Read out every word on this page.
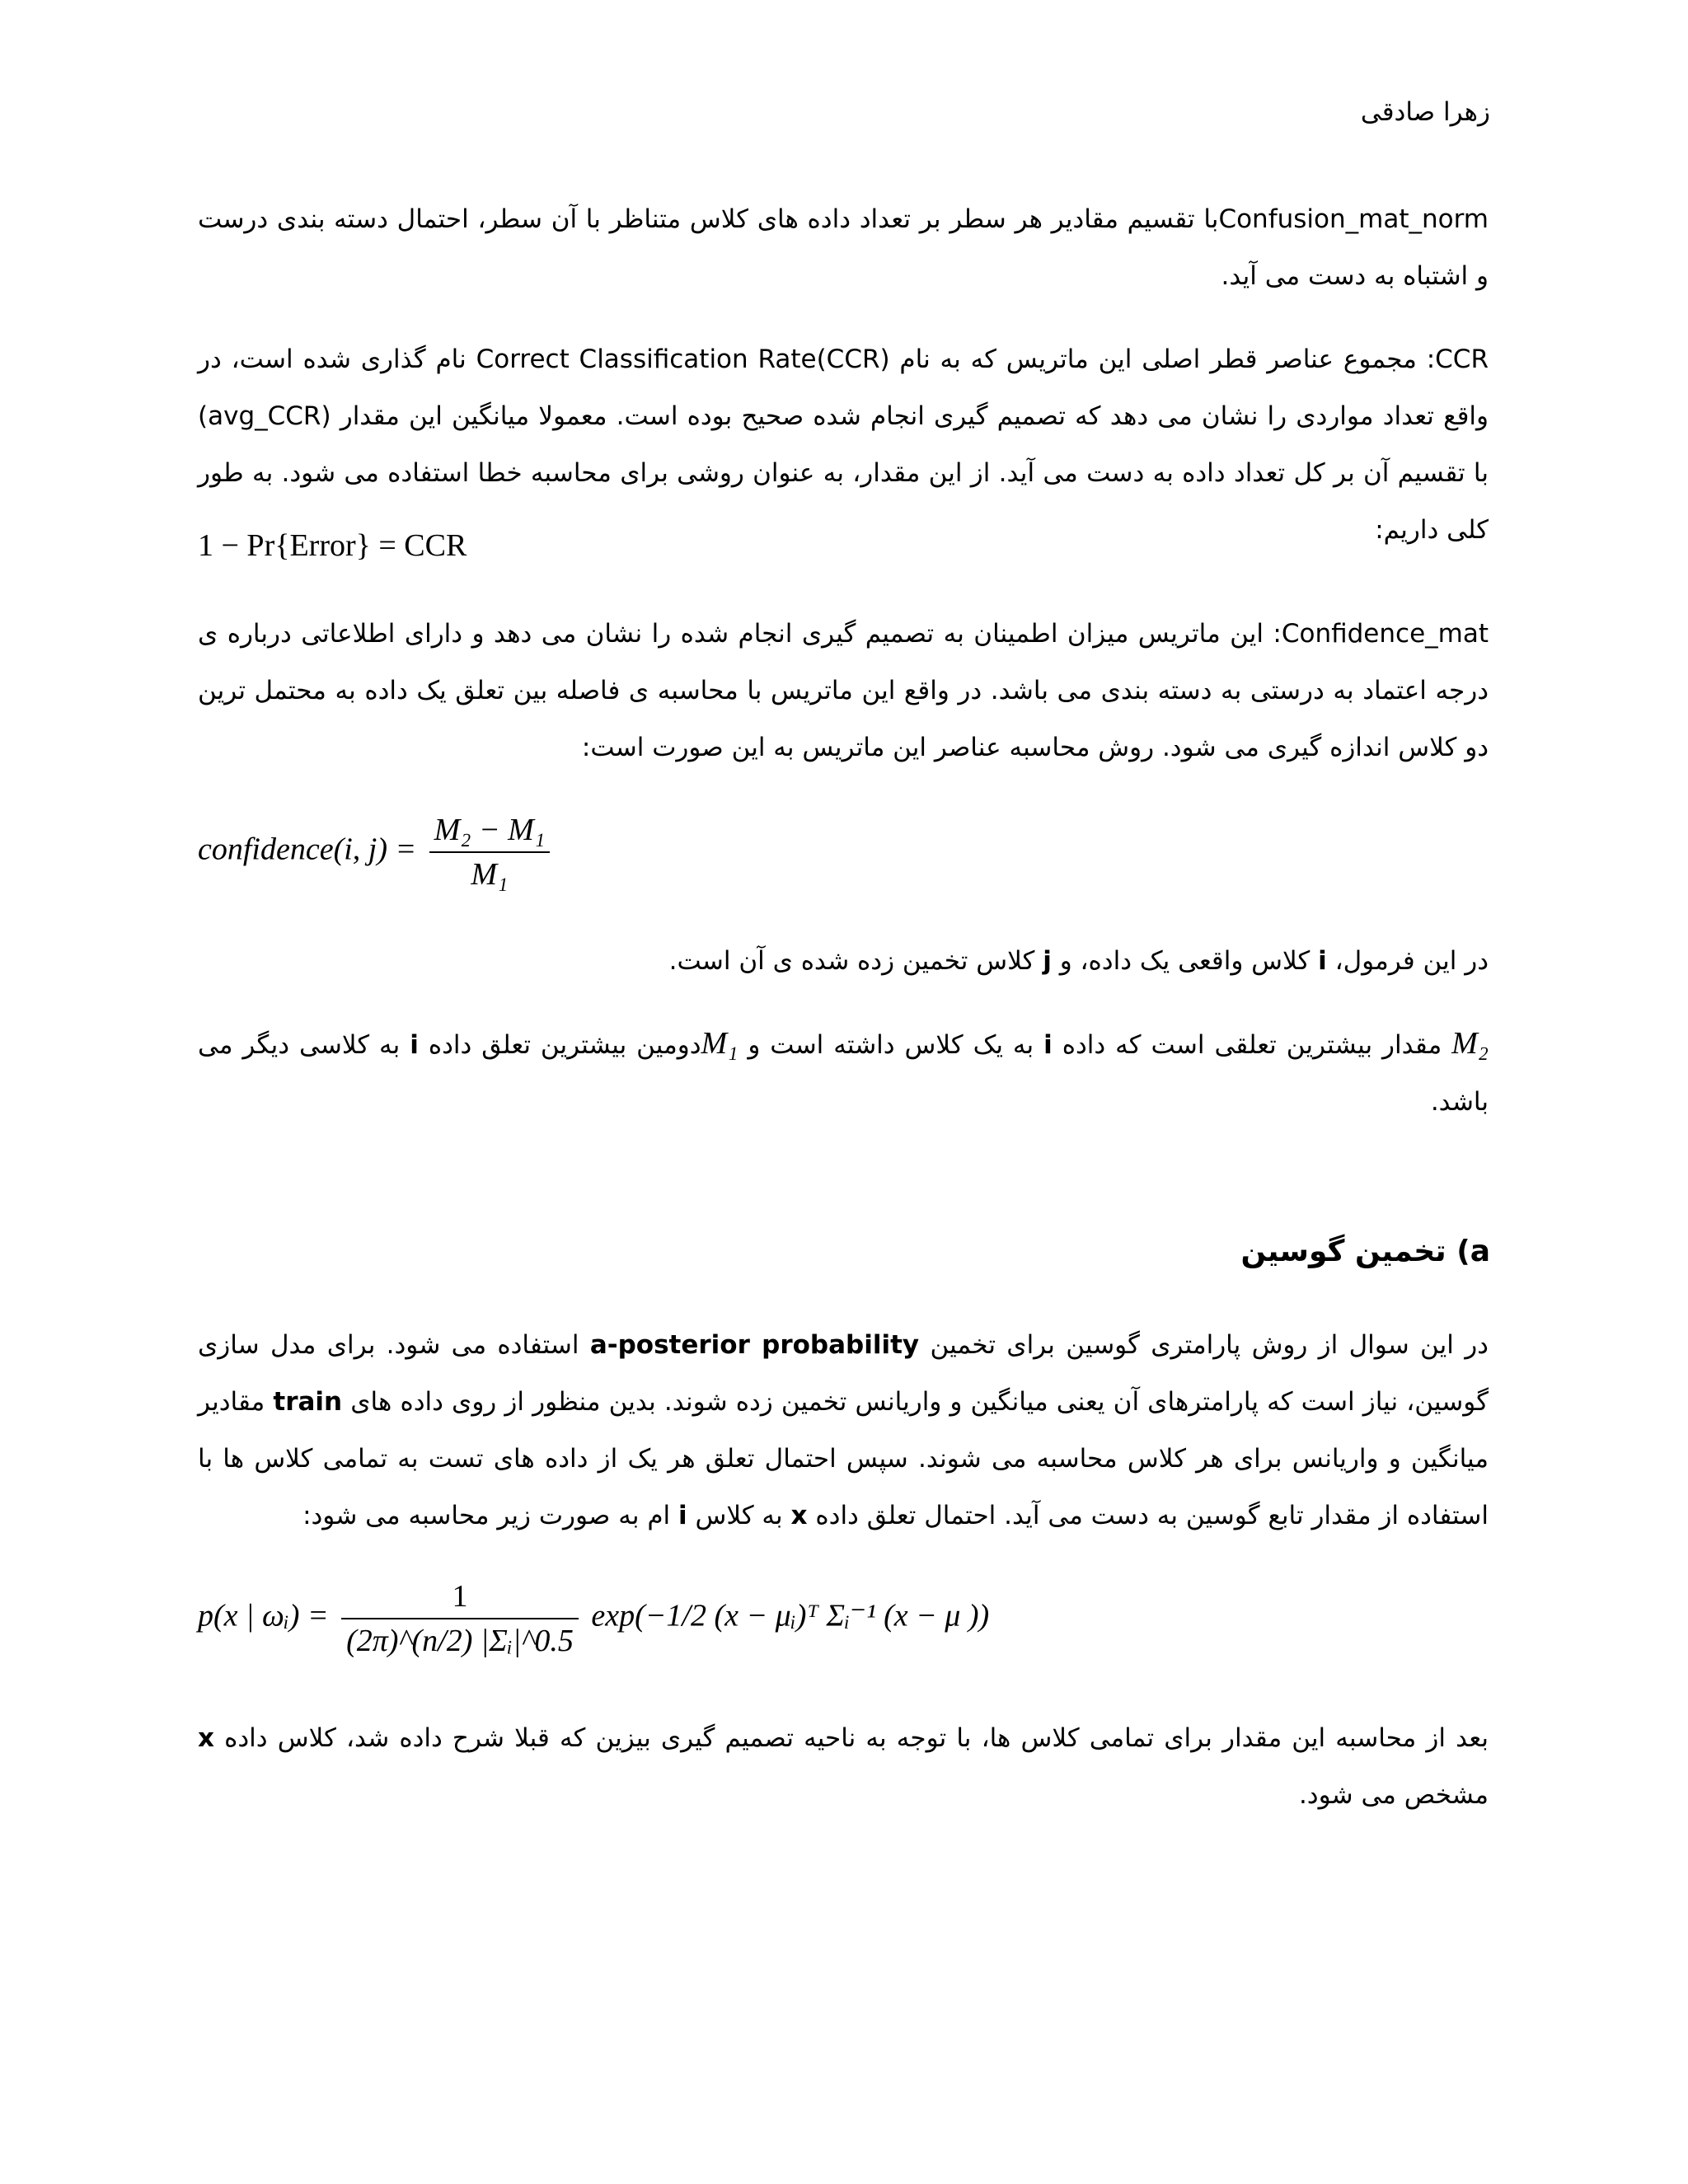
زهرا صادقی
Confusion_mat_normبا تقسیم مقادیر هر سطر بر تعداد داده های کلاس متناظر با آن سطر، احتمال دسته بندی درست و اشتباه به دست می آید.
CCR: مجموع عناصر قطر اصلی این ماتریس که به نام Correct Classification Rate(CCR) نام گذاری شده است، در واقع تعداد مواردی را نشان می دهد که تصمیم گیری انجام شده صحیح بوده است. معمولا میانگین این مقدار (avg_CCR) با تقسیم آن بر کل تعداد داده به دست می آید. از این مقدار، به عنوان روشی برای محاسبه خطا استفاده می شود. به طور کلی داریم:
1 − Pr{Error} = CCR
Confidence_mat: این ماتریس میزان اطمینان به تصمیم گیری انجام شده را نشان می دهد و دارای اطلاعاتی درباره ی درجه اعتماد به درستی به دسته بندی می باشد. در واقع این ماتریس با محاسبه ی فاصله بین تعلق یک داده به محتمل ترین دو کلاس اندازه گیری می شود. روش محاسبه عناصر این ماتریس به این صورت است:
confidence(i, $j) = \frac{\text{M₂ − M₁}}{\text{M₁}}$
در این فرمول، i کلاس واقعی یک داده، و j کلاس تخمین زده شده ی آن است.
M₂ مقدار بیشترین تعلقی است که داده i به یک کلاس داشته است و M₁دومین بیشترین تعلق داده i به کلاسی دیگر می باشد.
a) تخمین گوسین
در این سوال از روش پارامتری گوسین برای تخمین a-posterior probability استفاده می شود. برای مدل سازی گوسین، نیاز است که پارامترهای آن یعنی میانگین و واریانس تخمین زده شوند. بدین منظور از روی داده های train مقادیر میانگین و واریانس برای هر کلاس محاسبه می شوند. سپس احتمال تعلق هر یک از داده های تست به تمامی کلاس ها با استفاده از مقدار تابع گوسین به دست می آید. احتمال تعلق داده x به کلاس i ام به صورت زیر محاسبه می شود:
p(x | ωᵢ) = $\frac{1}{\text{(2π)\textasciicircum{}(n/2) |Σᵢ|\textasciicircum{}0.5}} \exp(-1/2$ (x − μᵢ)ᵀ Σᵢ⁻¹ (x − μ ))
بعد از محاسبه این مقدار برای تمامی کلاس ها، با توجه به ناحیه تصمیم گیری بیزین که قبلا شرح داده شد، کلاس داده x مشخص می شود.
